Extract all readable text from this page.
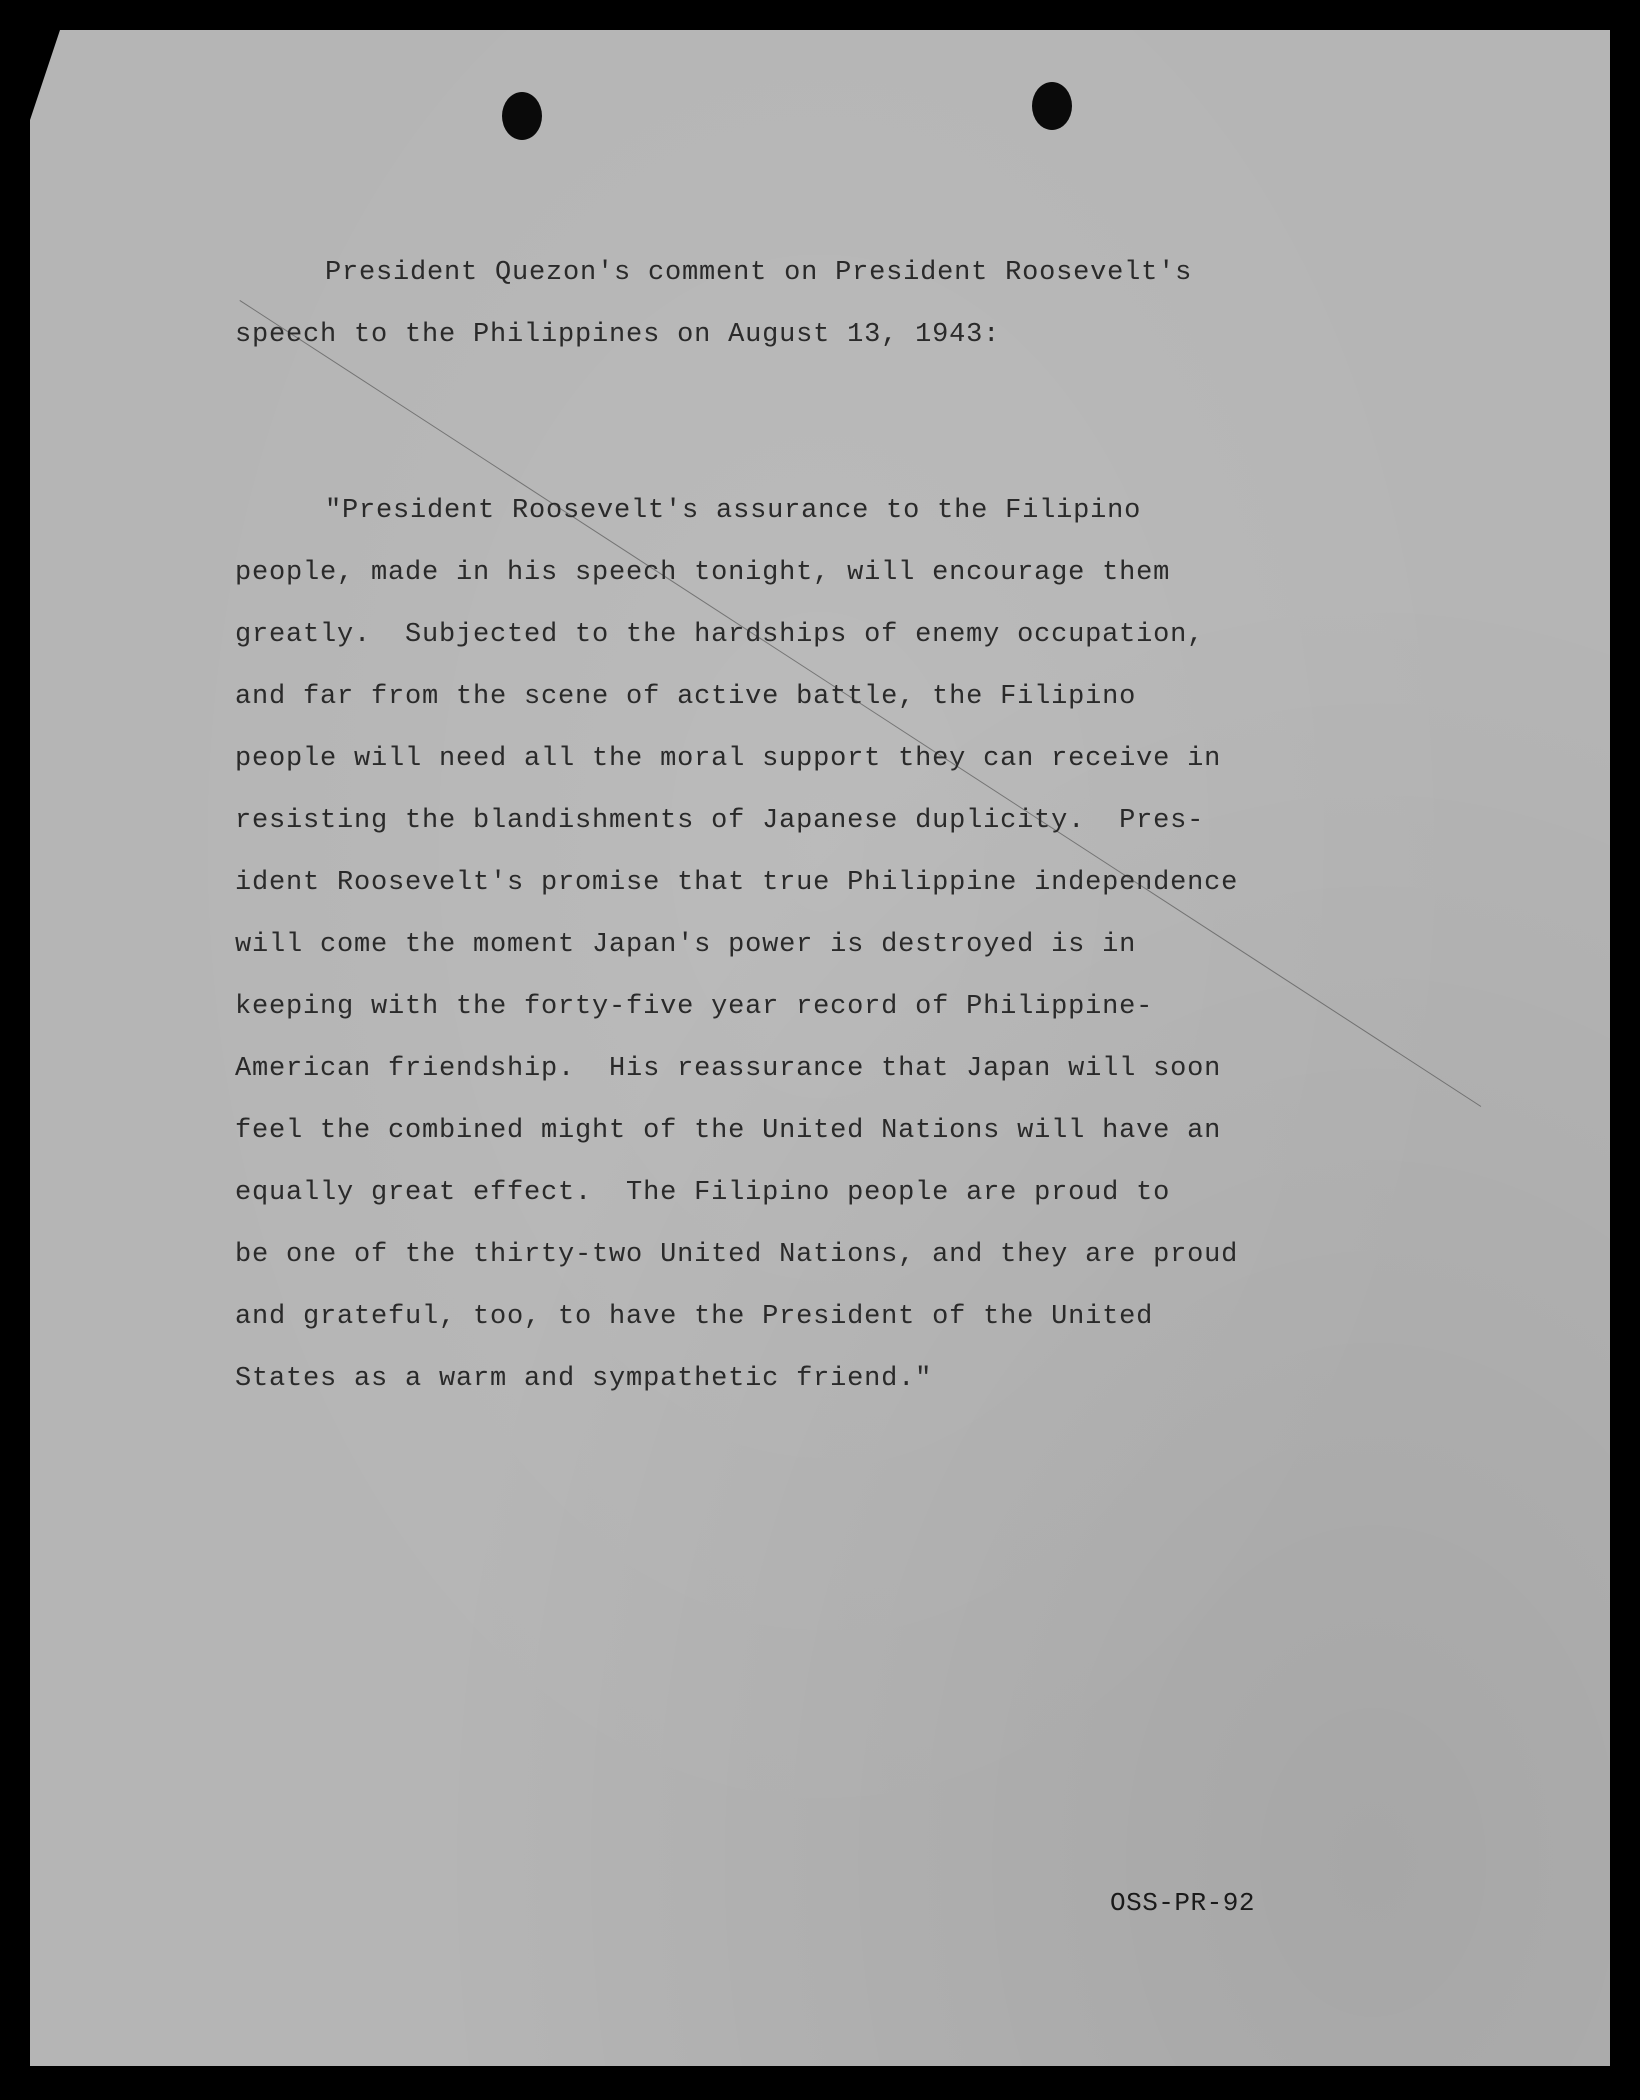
President Quezon's comment on President Roosevelt's

speech to the Philippines on August 13, 1943:

"President Roosevelt's assurance to the Filipino
people, made in his speech tonight, will encourage them
greatly.  Subjected to the hardships of enemy occupation,
and far from the scene of active battle, the Filipino
people will need all the moral support they can receive in
resisting the blandishments of Japanese duplicity.  Pres-
ident Roosevelt's promise that true Philippine independence
will come the moment Japan's power is destroyed is in
keeping with the forty-five year record of Philippine-
American friendship.  His reassurance that Japan will soon
feel the combined might of the United Nations will have an
equally great effect.  The Filipino people are proud to
be one of the thirty-two United Nations, and they are proud
and grateful, too, to have the President of the United
States as a warm and sympathetic friend."
OSS-PR-92
